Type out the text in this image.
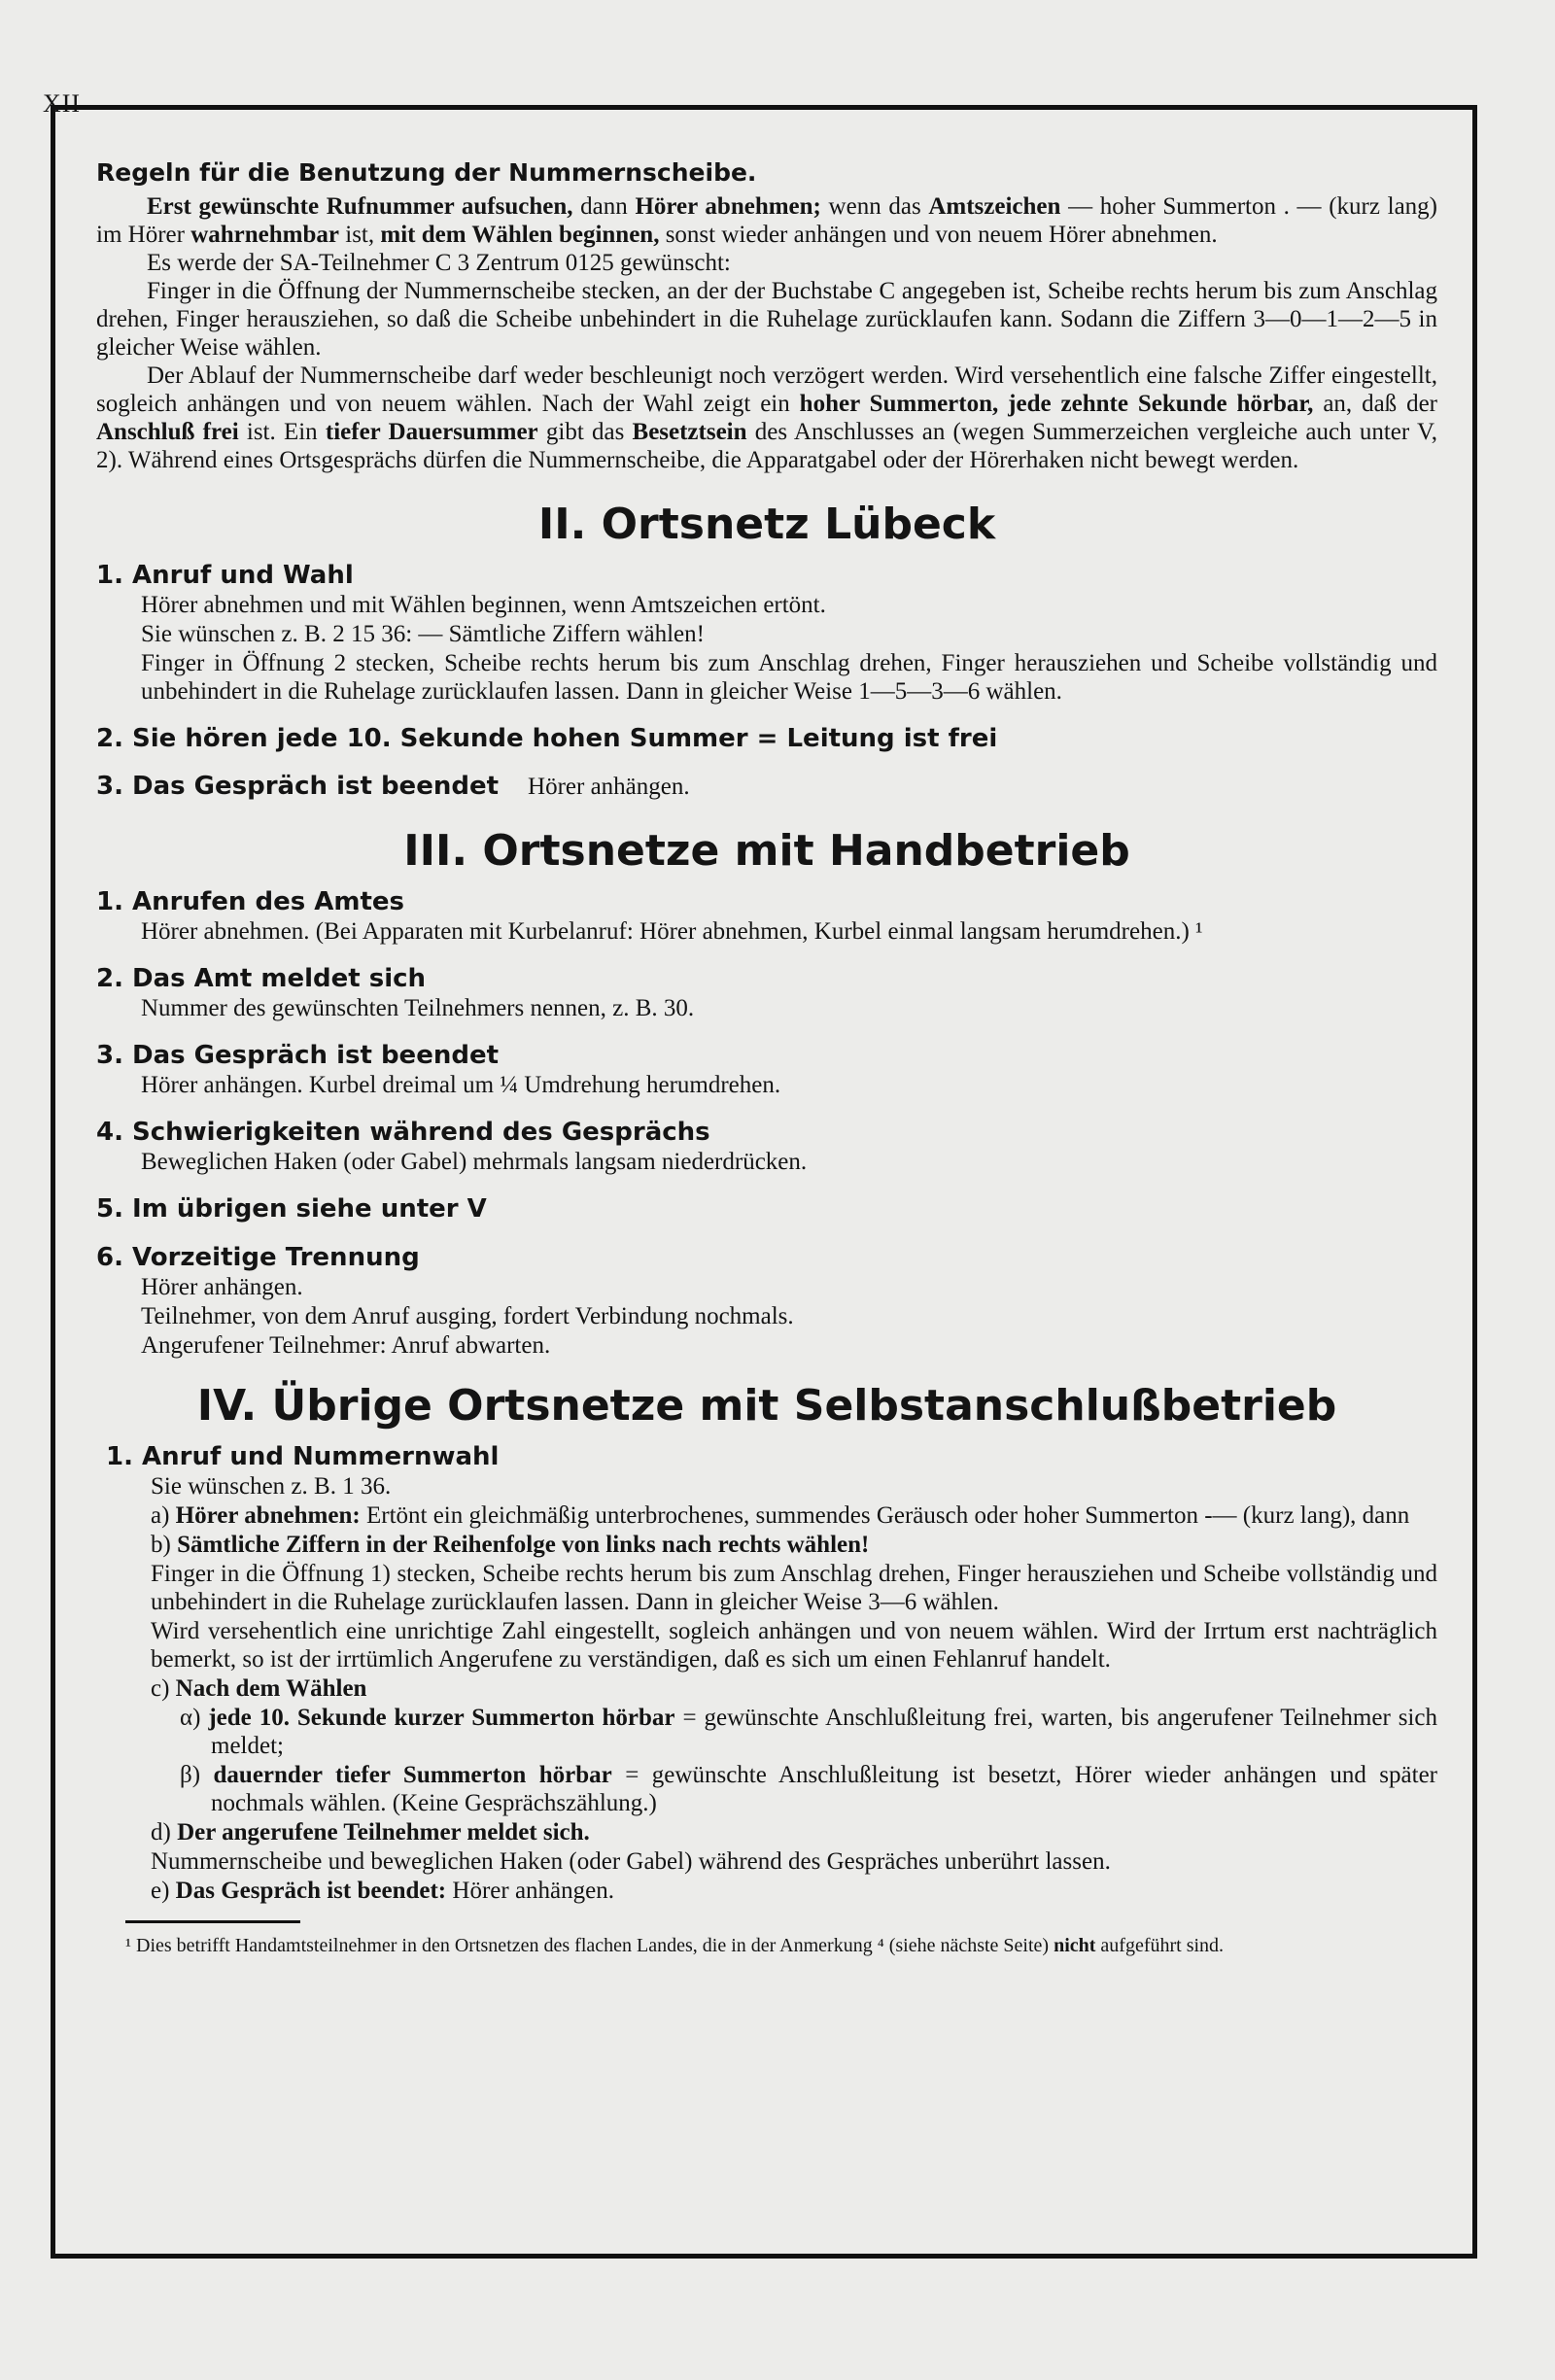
XII
Regeln für die Benutzung der Nummernscheibe.

Erst gewünschte Rufnummer aufsuchen, dann Hörer abnehmen; wenn das Amtszeichen — hoher Summerton . — (kurz lang) im Hörer wahrnehmbar ist, mit dem Wählen beginnen, sonst wieder anhängen und von neuem Hörer abnehmen.

Es werde der SA-Teilnehmer C 3 Zentrum 0125 gewünscht:

Finger in die Öffnung der Nummernscheibe stecken, an der der Buchstabe C angegeben ist, Scheibe rechts herum bis zum Anschlag drehen, Finger herausziehen, so daß die Scheibe unbehindert in die Ruhelage zurücklaufen kann. Sodann die Ziffern 3—0—1—2—5 in gleicher Weise wählen.

Der Ablauf der Nummernscheibe darf weder beschleunigt noch verzögert werden. Wird versehentlich eine falsche Ziffer eingestellt, sogleich anhängen und von neuem wählen. Nach der Wahl zeigt ein hoher Summerton, jede zehnte Sekunde hörbar, an, daß der Anschluß frei ist. Ein tiefer Dauersummer gibt das Besetztsein des Anschlusses an (wegen Summerzeichen vergleiche auch unter V, 2). Während eines Ortsgesprächs dürfen die Nummernscheibe, die Apparatgabel oder der Hörerhaken nicht bewegt werden.

II. Ortsnetz Lübeck
1. Anruf und Wahl

Hörer abnehmen und mit Wählen beginnen, wenn Amtszeichen ertönt.

Sie wünschen z. B. 2 15 36: — Sämtliche Ziffern wählen!

Finger in Öffnung 2 stecken, Scheibe rechts herum bis zum Anschlag drehen, Finger herausziehen und Scheibe vollständig und unbehindert in die Ruhelage zurücklaufen lassen. Dann in gleicher Weise 1—5—3—6 wählen.

2. Sie hören jede 10. Sekunde hohen Summer = Leitung ist frei
3. Das Gespräch ist beendet Hörer anhängen.
III. Ortsnetze mit Handbetrieb
1. Anrufen des Amtes

Hörer abnehmen. (Bei Apparaten mit Kurbelanruf: Hörer abnehmen, Kurbel einmal langsam herumdrehen.) ¹

2. Das Amt meldet sich

Nummer des gewünschten Teilnehmers nennen, z. B. 30.

3. Das Gespräch ist beendet

Hörer anhängen. Kurbel dreimal um ¼ Umdrehung herumdrehen.

4. Schwierigkeiten während des Gesprächs

Beweglichen Haken (oder Gabel) mehrmals langsam niederdrücken.

5. Im übrigen siehe unter V
6. Vorzeitige Trennung

Hörer anhängen.

Teilnehmer, von dem Anruf ausging, fordert Verbindung nochmals.

Angerufener Teilnehmer: Anruf abwarten.

IV. Übrige Ortsnetze mit Selbstanschlußbetrieb
1. Anruf und Nummernwahl

Sie wünschen z. B. 1 36.

a) Hörer abnehmen: Ertönt ein gleichmäßig unterbrochenes, summendes Geräusch oder hoher Summerton -— (kurz lang), dann

b) Sämtliche Ziffern in der Reihenfolge von links nach rechts wählen!

Finger in die Öffnung 1) stecken, Scheibe rechts herum bis zum Anschlag drehen, Finger herausziehen und Scheibe vollständig und unbehindert in die Ruhelage zurücklaufen lassen. Dann in gleicher Weise 3—6 wählen.

Wird versehentlich eine unrichtige Zahl eingestellt, sogleich anhängen und von neuem wählen. Wird der Irrtum erst nachträglich bemerkt, so ist der irrtümlich Angerufene zu verständigen, daß es sich um einen Fehlanruf handelt.

c) Nach dem Wählen

α) jede 10. Sekunde kurzer Summerton hörbar = gewünschte Anschlußleitung frei, warten, bis angerufener Teilnehmer sich meldet;

β) dauernder tiefer Summerton hörbar = gewünschte Anschlußleitung ist besetzt, Hörer wieder anhängen und später nochmals wählen. (Keine Gesprächszählung.)

d) Der angerufene Teilnehmer meldet sich.

Nummernscheibe und beweglichen Haken (oder Gabel) während des Gespräches unberührt lassen.

e) Das Gespräch ist beendet: Hörer anhängen.

¹ Dies betrifft Handamtsteilnehmer in den Ortsnetzen des flachen Landes, die in der Anmerkung ⁴ (siehe nächste Seite) nicht aufgeführt sind.
